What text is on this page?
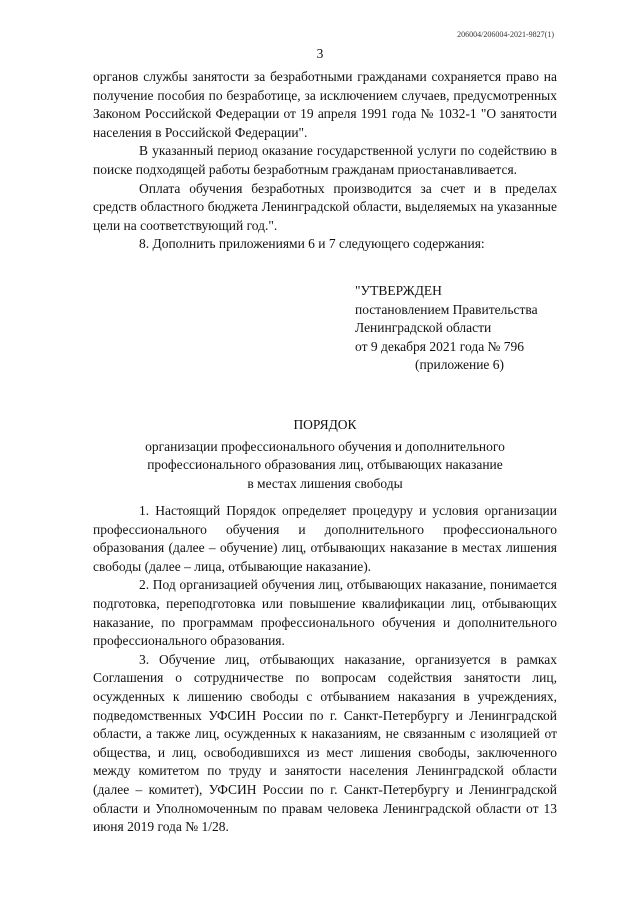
206004/206004-2021-9827(1)
3

органов службы занятости за безработными гражданами сохраняется право на получение пособия по безработице, за исключением случаев, предусмотренных Законом Российской Федерации от 19 апреля 1991 года № 1032-1 "О занятости населения в Российской Федерации".

В указанный период оказание государственной услуги по содействию в поиске подходящей работы безработным гражданам приостанавливается.

Оплата обучения безработных производится за счет и в пределах средств областного бюджета Ленинградской области, выделяемых на указанные цели на соответствующий год.".

8. Дополнить приложениями 6 и 7 следующего содержания:

"УТВЕРЖДЕН
постановлением Правительства
Ленинградской области
от 9 декабря 2021 года № 796
(приложение 6)
ПОРЯДОК
организации профессионального обучения и дополнительного
профессионального образования лиц, отбывающих наказание
в местах лишения свободы

1. Настоящий Порядок определяет процедуру и условия организации профессионального обучения и дополнительного профессионального образования (далее – обучение) лиц, отбывающих наказание в местах лишения свободы (далее – лица, отбывающие наказание).

2. Под организацией обучения лиц, отбывающих наказание, понимается подготовка, переподготовка или повышение квалификации лиц, отбывающих наказание, по программам профессионального обучения и дополнительного профессионального образования.

3. Обучение лиц, отбывающих наказание, организуется в рамках Соглашения о сотрудничестве по вопросам содействия занятости лиц, осужденных к лишению свободы с отбыванием наказания в учреждениях, подведомственных УФСИН России по г. Санкт-Петербургу и Ленинградской области, а также лиц, осужденных к наказаниям, не связанным с изоляцией от общества, и лиц, освободившихся из мест лишения свободы, заключенного между комитетом по труду и занятости населения Ленинградской области (далее – комитет), УФСИН России по г. Санкт-Петербургу и Ленинградской области и Уполномоченным по правам человека Ленинградской области от 13 июня 2019 года № 1/28.
